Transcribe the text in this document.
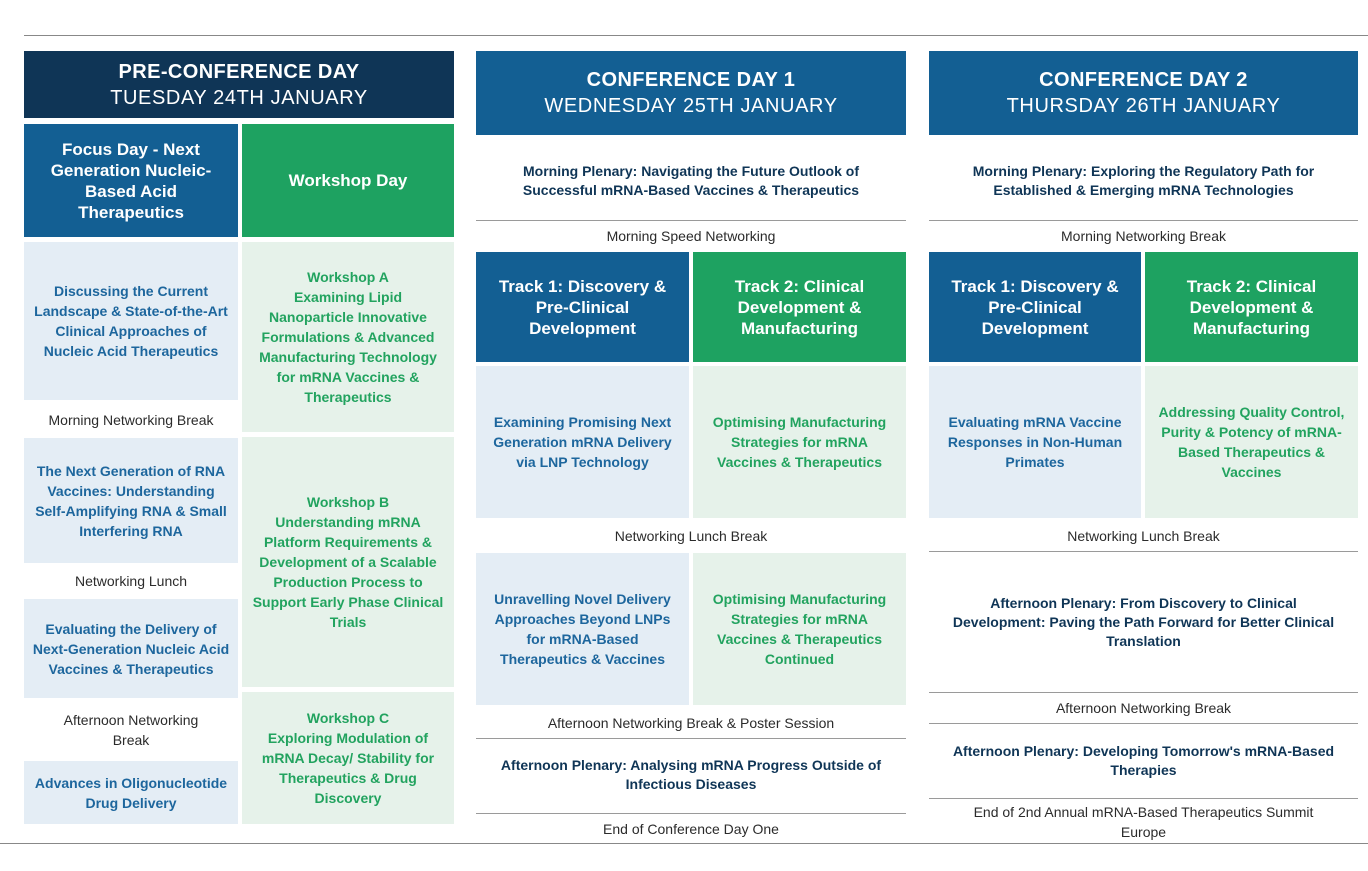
PRE-CONFERENCE DAY
TUESDAY 24TH JANUARY
Focus Day - Next Generation Nucleic-Based Acid Therapeutics
Workshop Day
Discussing the Current Landscape & State-of-the-Art Clinical Approaches of Nucleic Acid Therapeutics
Morning Networking Break
The Next Generation of RNA Vaccines: Understanding Self-Amplifying RNA & Small Interfering RNA
Networking Lunch
Evaluating the Delivery of Next-Generation Nucleic Acid Vaccines & Therapeutics
Afternoon Networking Break
Advances in Oligonucleotide Drug Delivery
Workshop A
Examining Lipid Nanoparticle Innovative Formulations & Advanced Manufacturing Technology for mRNA Vaccines & Therapeutics
Workshop B
Understanding mRNA Platform Requirements & Development of a Scalable Production Process to Support Early Phase Clinical Trials
Workshop C
Exploring Modulation of mRNA Decay/ Stability for Therapeutics & Drug Discovery
CONFERENCE DAY 1
WEDNESDAY 25TH JANUARY
Morning Plenary: Navigating the Future Outlook of Successful mRNA-Based Vaccines & Therapeutics
Morning Speed Networking
Track 1: Discovery & Pre-Clinical Development
Track 2: Clinical Development & Manufacturing
Examining Promising Next Generation mRNA Delivery via LNP Technology
Optimising Manufacturing Strategies for mRNA Vaccines & Therapeutics
Networking Lunch Break
Unravelling Novel Delivery Approaches Beyond LNPs for mRNA-Based Therapeutics & Vaccines
Optimising Manufacturing Strategies for mRNA Vaccines & Therapeutics Continued
Afternoon Networking Break & Poster Session
Afternoon Plenary: Analysing mRNA Progress Outside of Infectious Diseases
End of Conference Day One
CONFERENCE DAY 2
THURSDAY 26TH JANUARY
Morning Plenary: Exploring the Regulatory Path for Established & Emerging mRNA Technologies
Morning Networking Break
Track 1: Discovery & Pre-Clinical Development
Track 2: Clinical Development & Manufacturing
Evaluating mRNA Vaccine Responses in Non-Human Primates
Addressing Quality Control, Purity & Potency of mRNA-Based Therapeutics & Vaccines
Networking Lunch Break
Afternoon Plenary: From Discovery to Clinical Development: Paving the Path Forward for Better Clinical Translation
Afternoon Networking Break
Afternoon Plenary: Developing Tomorrow's mRNA-Based Therapies
End of 2nd Annual mRNA-Based Therapeutics Summit Europe
